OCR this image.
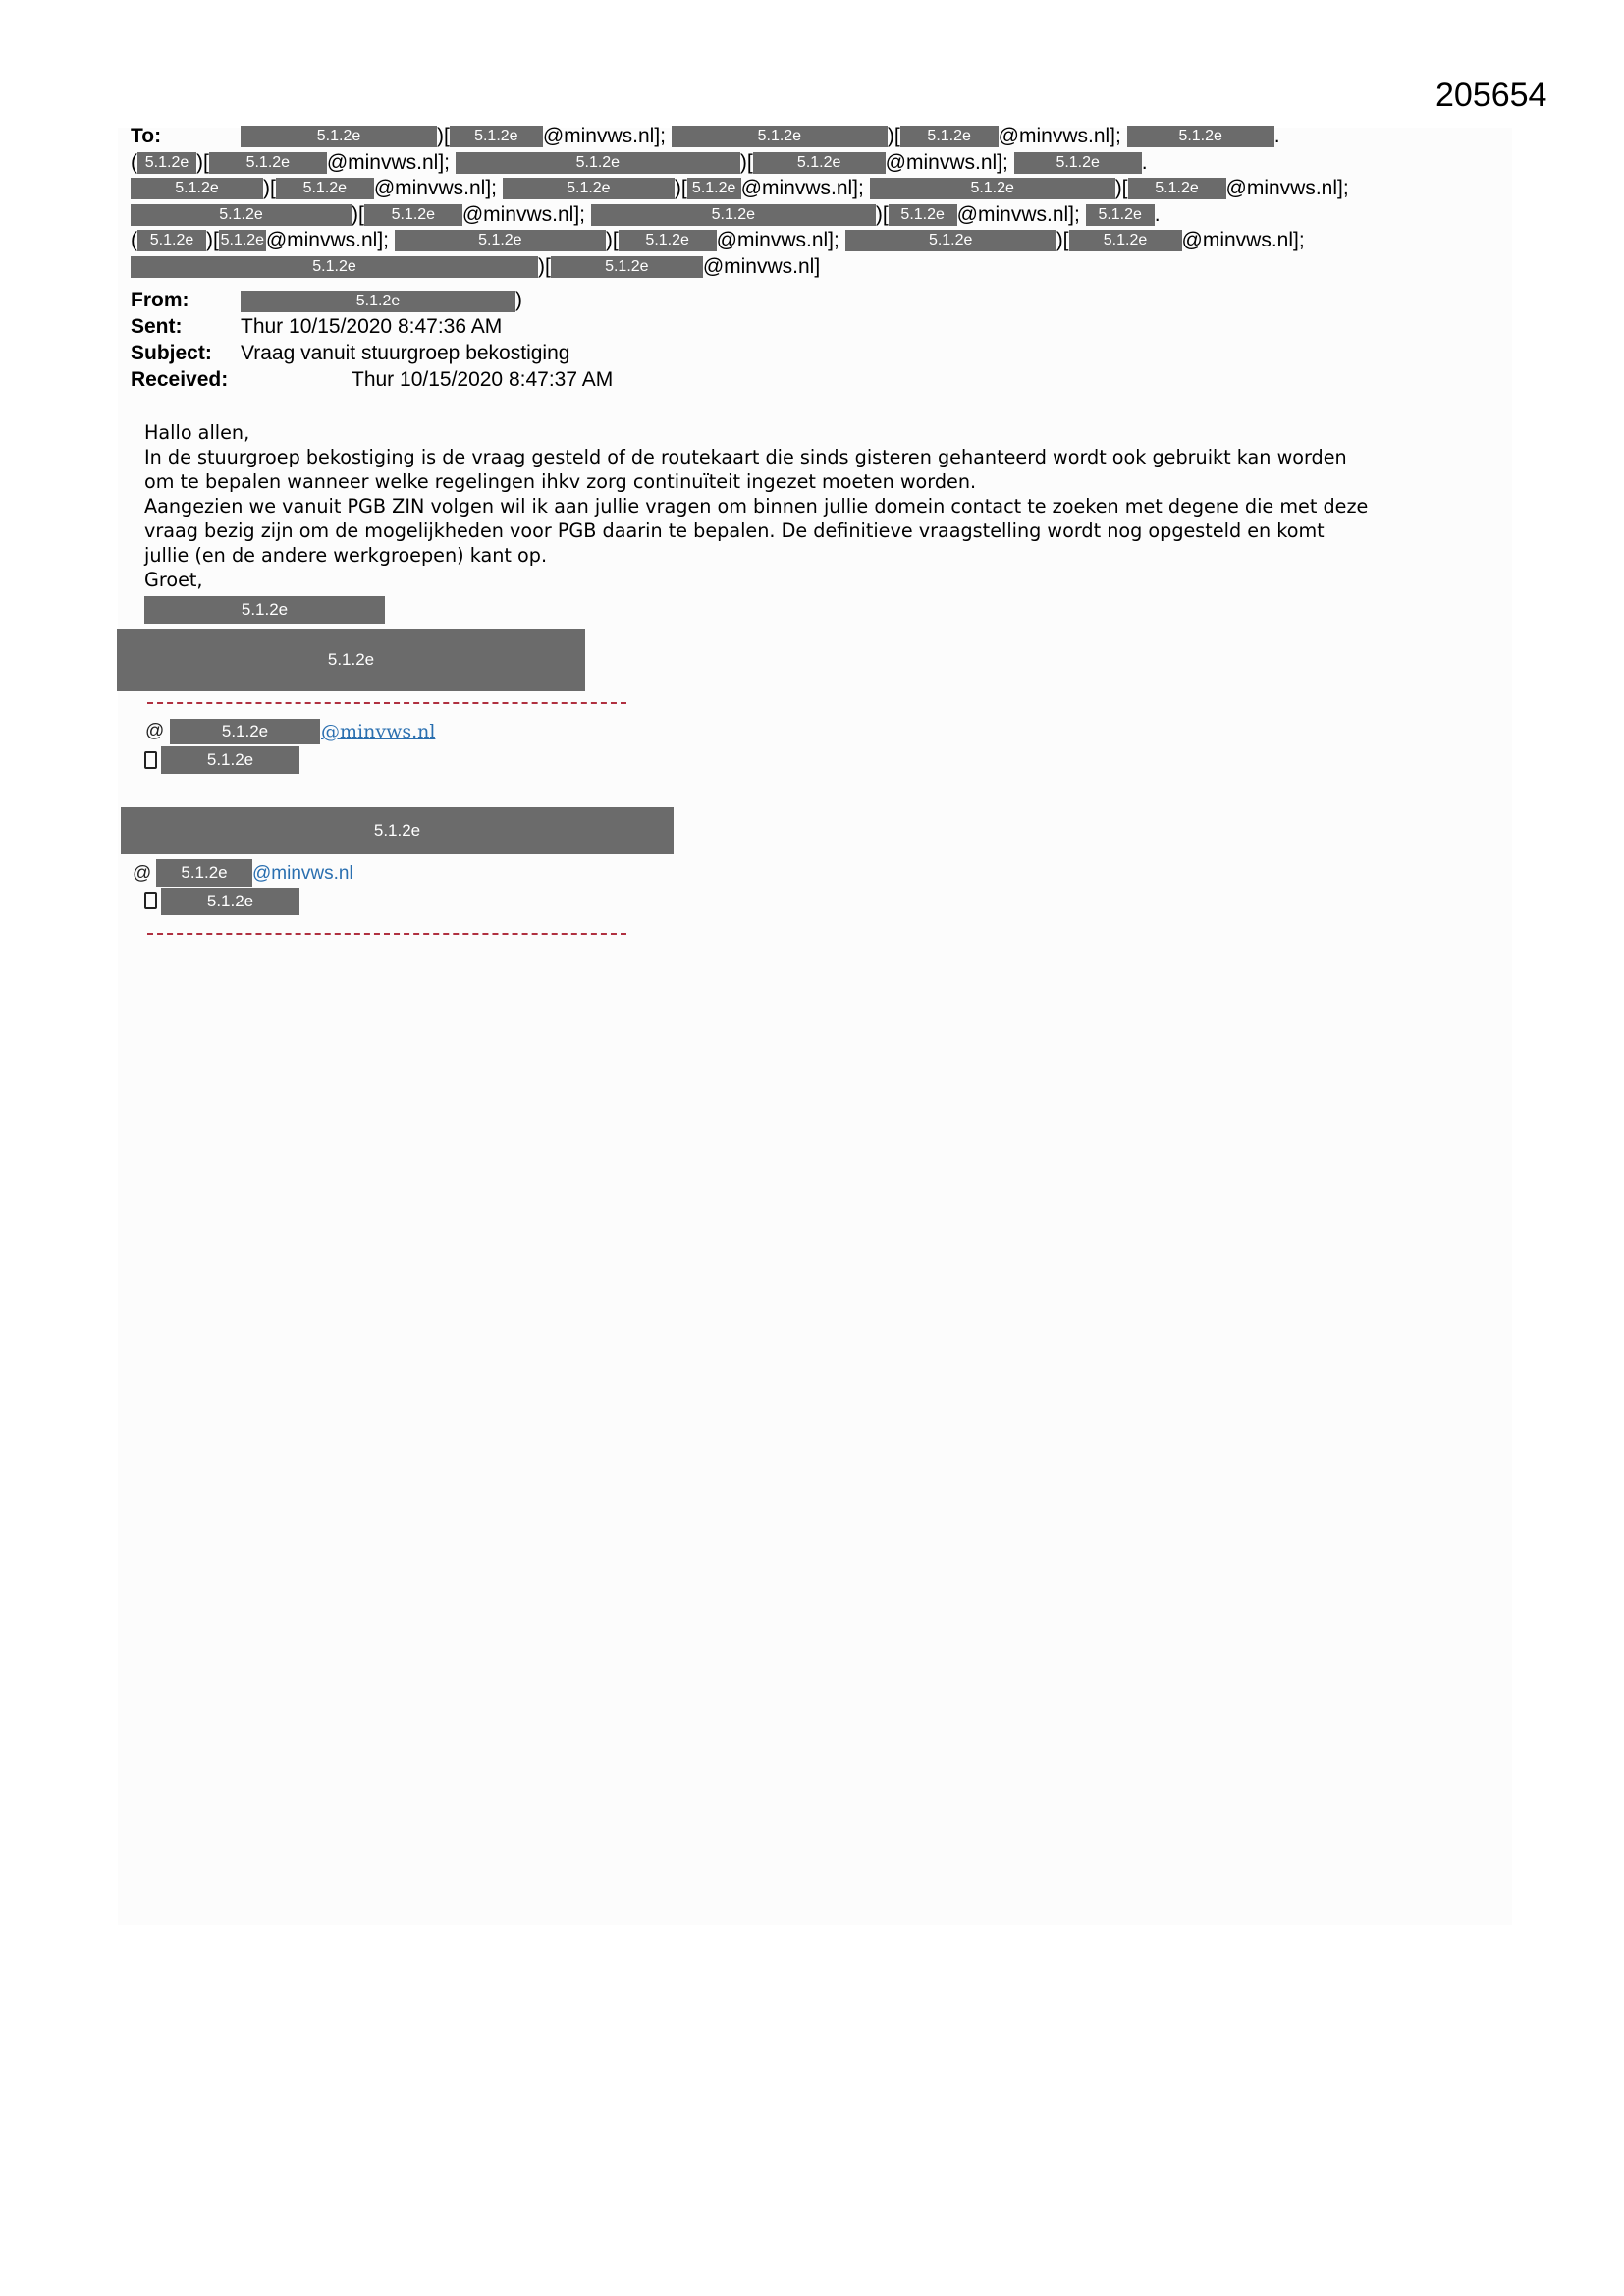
205654
To:	5.1.2e	)[ 5.1.2e @minvws.nl];	5.1.2e	)[ 5.1.2e @minvws.nl];	5.1.2e	.
( 5.1.2e )[ 5.1.2e @minvws.nl];	5.1.2e	)[	5.1.2e @minvws.nl];	5.1.2e .
5.1.2e )[ 5.1.2e @minvws.nl];	5.1.2e	)[ 5.1.2e @minvws.nl];	5.1.2e	)[ 5.1.2e @minvws.nl];
5.1.2e	)[ 5.1.2e @minvws.nl];	5.1.2e	)[ 5.1.2e @minvws.nl]; 5.1.2e .
( 5.1.2e )[ 5.1.2e@minvws.nl];	5.1.2e	)[ 5.1.2e @minvws.nl];	5.1.2e	)[ 5.1.2e @minvws.nl];
5.1.2e	)[	5.1.2e	@minvws.nl]
From:	5.1.2e	)
Sent:	Thur 10/15/2020 8:47:36 AM
Subject: Vraag vanuit stuurgroep bekostiging
Received:	Thur 10/15/2020 8:47:37 AM

Hallo allen,

In de stuurgroep bekostiging is de vraag gesteld of de routekaart die sinds gisteren gehanteerd wordt ook gebruikt kan worden

om te bepalen wanneer welke regelingen ihkv zorg continuïteit ingezet moeten worden.

Aangezien we vanuit PGB ZIN volgen wil ik aan jullie vragen om binnen jullie domein contact te zoeken met degene die met deze

vraag bezig zijn om de mogelijkheden voor PGB daarin te bepalen. De definitieve vraagstelling wordt nog opgesteld en komt

jullie (en de andere werkgroepen) kant op.

Groet,

5.1.2e
5.1.2e
@	5.1.2e	@minvws.nl
5.1.2e
5.1.2e
@	5.1.2e	@minvws.nl
5.1.2e
